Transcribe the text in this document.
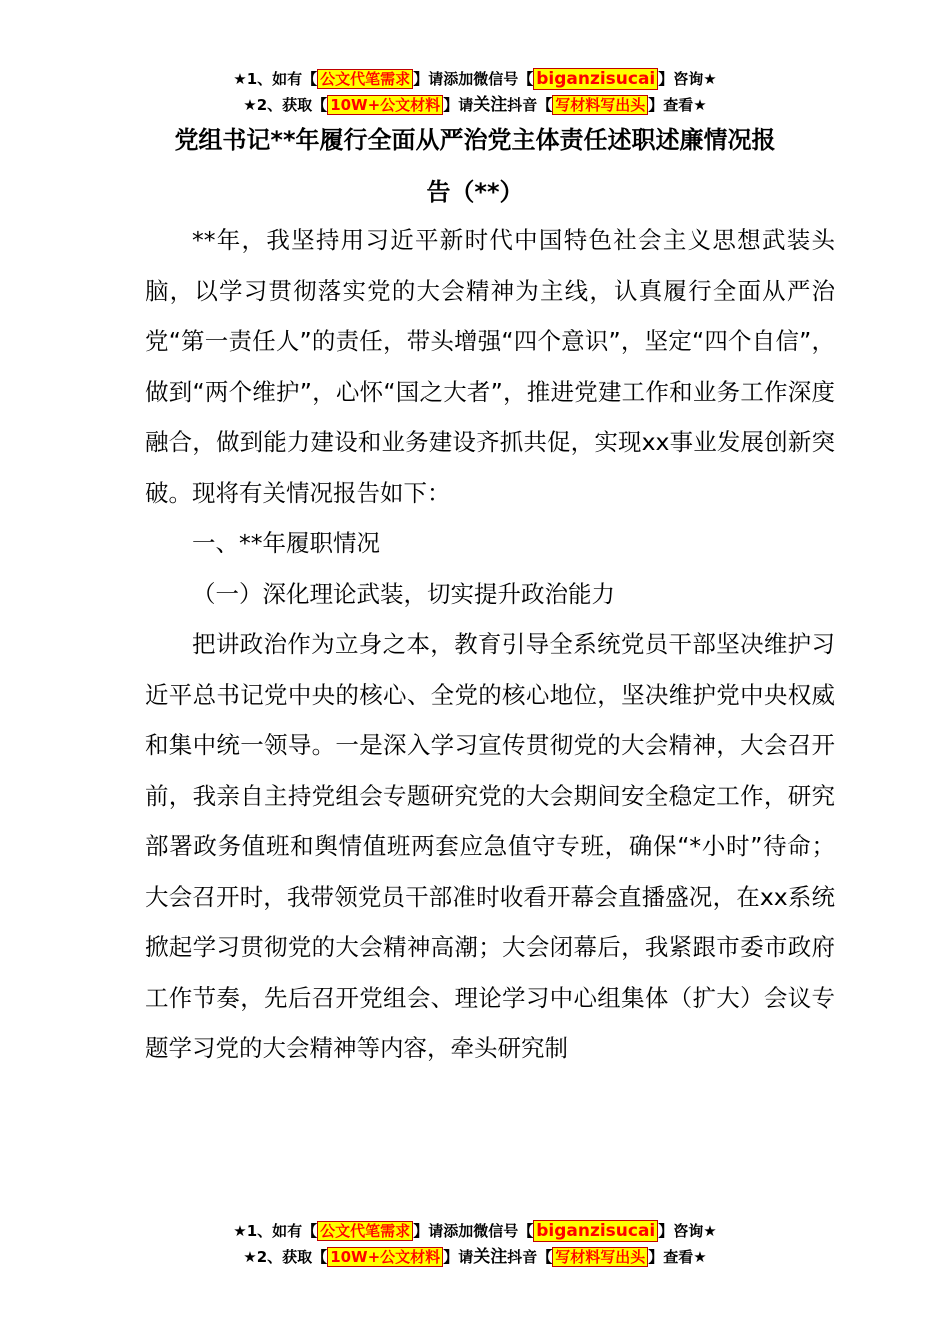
★1、如有【 公文代笔需求 】请添加微信号【 biganzisucai 】咨询★
★2、获取【 10W+公文材料 】请关注抖音【 写材料写出头 】查看★
党组书记**年履行全面从严治党主体责任述职述廉情况报
告（**）

**年，我坚持用习近平新时代中国特色社会主义思想武装头脑，以学习贯彻落实党的大会精神为主线，认真履行全面从严治党“第一责任人”的责任，带头增强“四个意识”，坚定“四个自信”，做到“两个维护”，心怀“国之大者”，推进党建工作和业务工作深度融合，做到能力建设和业务建设齐抓共促，实现xx事业发展创新突破。现将有关情况报告如下：

一、**年履职情况

（一）深化理论武装，切实提升政治能力

把讲政治作为立身之本，教育引导全系统党员干部坚决维护习近平总书记党中央的核心、全党的核心地位，坚决维护党中央权威和集中统一领导。一是深入学习宣传贯彻党的大会精神，大会召开前，我亲自主持党组会专题研究党的大会期间安全稳定工作，研究部署政务值班和舆情值班两套应急值守专班，确保“*小时”待命；大会召开时，我带领党员干部准时收看开幕会直播盛况，在xx系统掀起学习贯彻党的大会精神高潮；大会闭幕后，我紧跟市委市政府工作节奏，先后召开党组会、理论学习中心组集体（扩大）会议专题学习党的大会精神等内容，牵头研究制

★1、如有【 公文代笔需求 】请添加微信号【 biganzisucai 】咨询★
★2、获取【 10W+公文材料 】请关注抖音【 写材料写出头 】查看★
